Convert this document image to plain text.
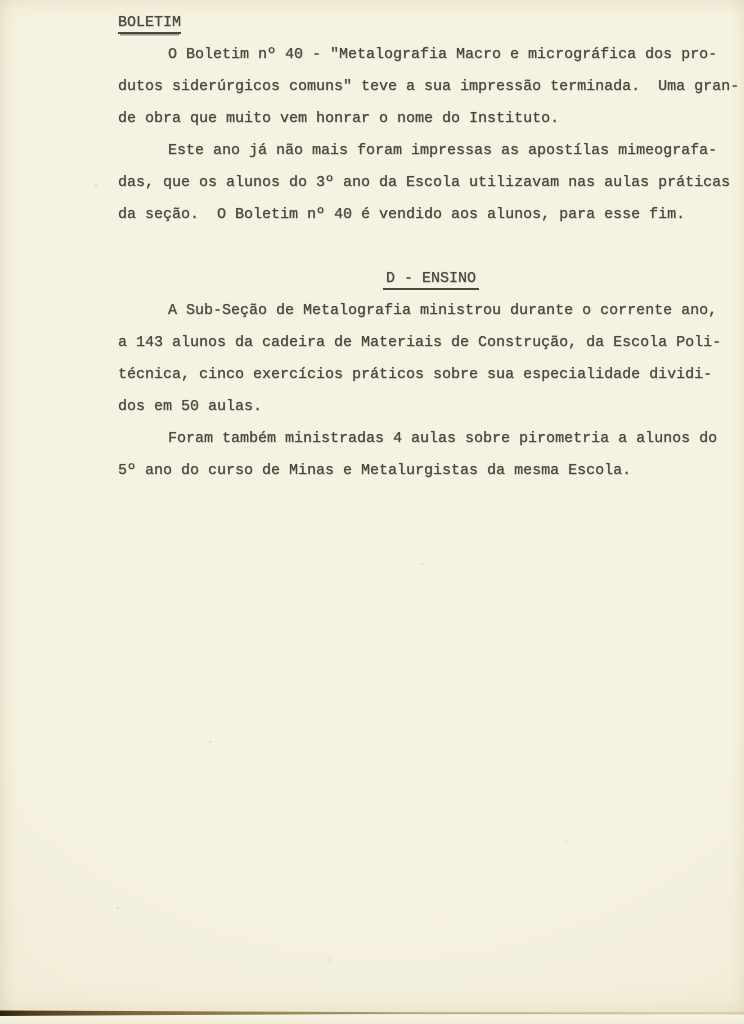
BOLETIM
O Boletim nº 40 - "Metalografia Macro e micrográfica dos pro-
dutos siderúrgicos comuns" teve a sua impressão terminada.  Uma gran-
de obra que muito vem honrar o nome do Instituto.
Este ano já não mais foram impressas as apostílas mimeografa-
das, que os alunos do 3º ano da Escola utilizavam nas aulas práticas
da seção.  O Boletim nº 40 é vendido aos alunos, para esse fim.
D - ENSINO
A Sub-Seção de Metalografia ministrou durante o corrente ano,
a 143 alunos da cadeira de Materiais de Construção, da Escola Poli-
técnica, cinco exercícios práticos sobre sua especialidade dividi-
dos em 50 aulas.
Foram também ministradas 4 aulas sobre pirometria a alunos do
5º ano do curso de Minas e Metalurgistas da mesma Escola.
